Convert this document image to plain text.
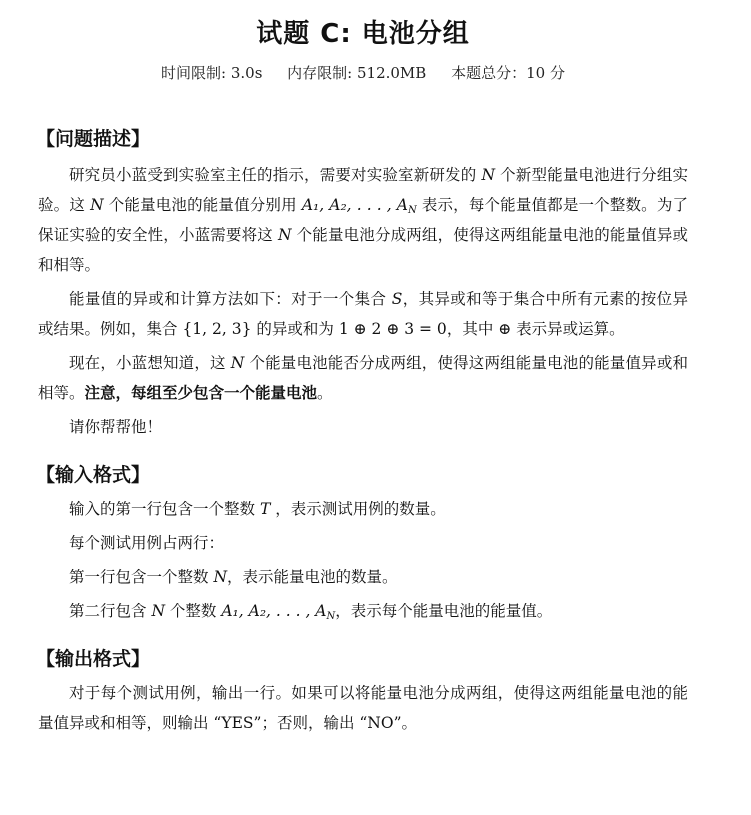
试题 C: 电池分组
时间限制: 3.0s 内存限制: 512.0MB 本题总分：10 分
【问题描述】

研究员小蓝受到实验室主任的指示，需要对实验室新研发的 N 个新型能量电池进行分组实验。这 N 个能量电池的能量值分别用 A₁, A₂, . . . , $A_N$ 表示，每个能量值都是一个整数。为了保证实验的安全性，小蓝需要将这 N 个能量电池分成两组，使得这两组能量电池的能量值异或和相等。

能量值的异或和计算方法如下：对于一个集合 S，其异或和等于集合中所有元素的按位异或结果。例如，集合 {1, 2, 3} 的异或和为 1 ⊕ 2 ⊕ 3 = 0，其中 ⊕ 表示异或运算。

现在，小蓝想知道，这 N 个能量电池能否分成两组，使得这两组能量电池的能量值异或和相等。注意，每组至少包含一个能量电池。

请你帮帮他！

【输入格式】

输入的第一行包含一个整数 T ，表示测试用例的数量。

每个测试用例占两行：

第一行包含一个整数 N，表示能量电池的数量。

第二行包含 N 个整数 A₁, A₂, . . . , $A_N$，表示每个能量电池的能量值。

【输出格式】

对于每个测试用例，输出一行。如果可以将能量电池分成两组，使得这两组能量电池的能量值异或和相等，则输出 “YES”；否则，输出 “NO”。
